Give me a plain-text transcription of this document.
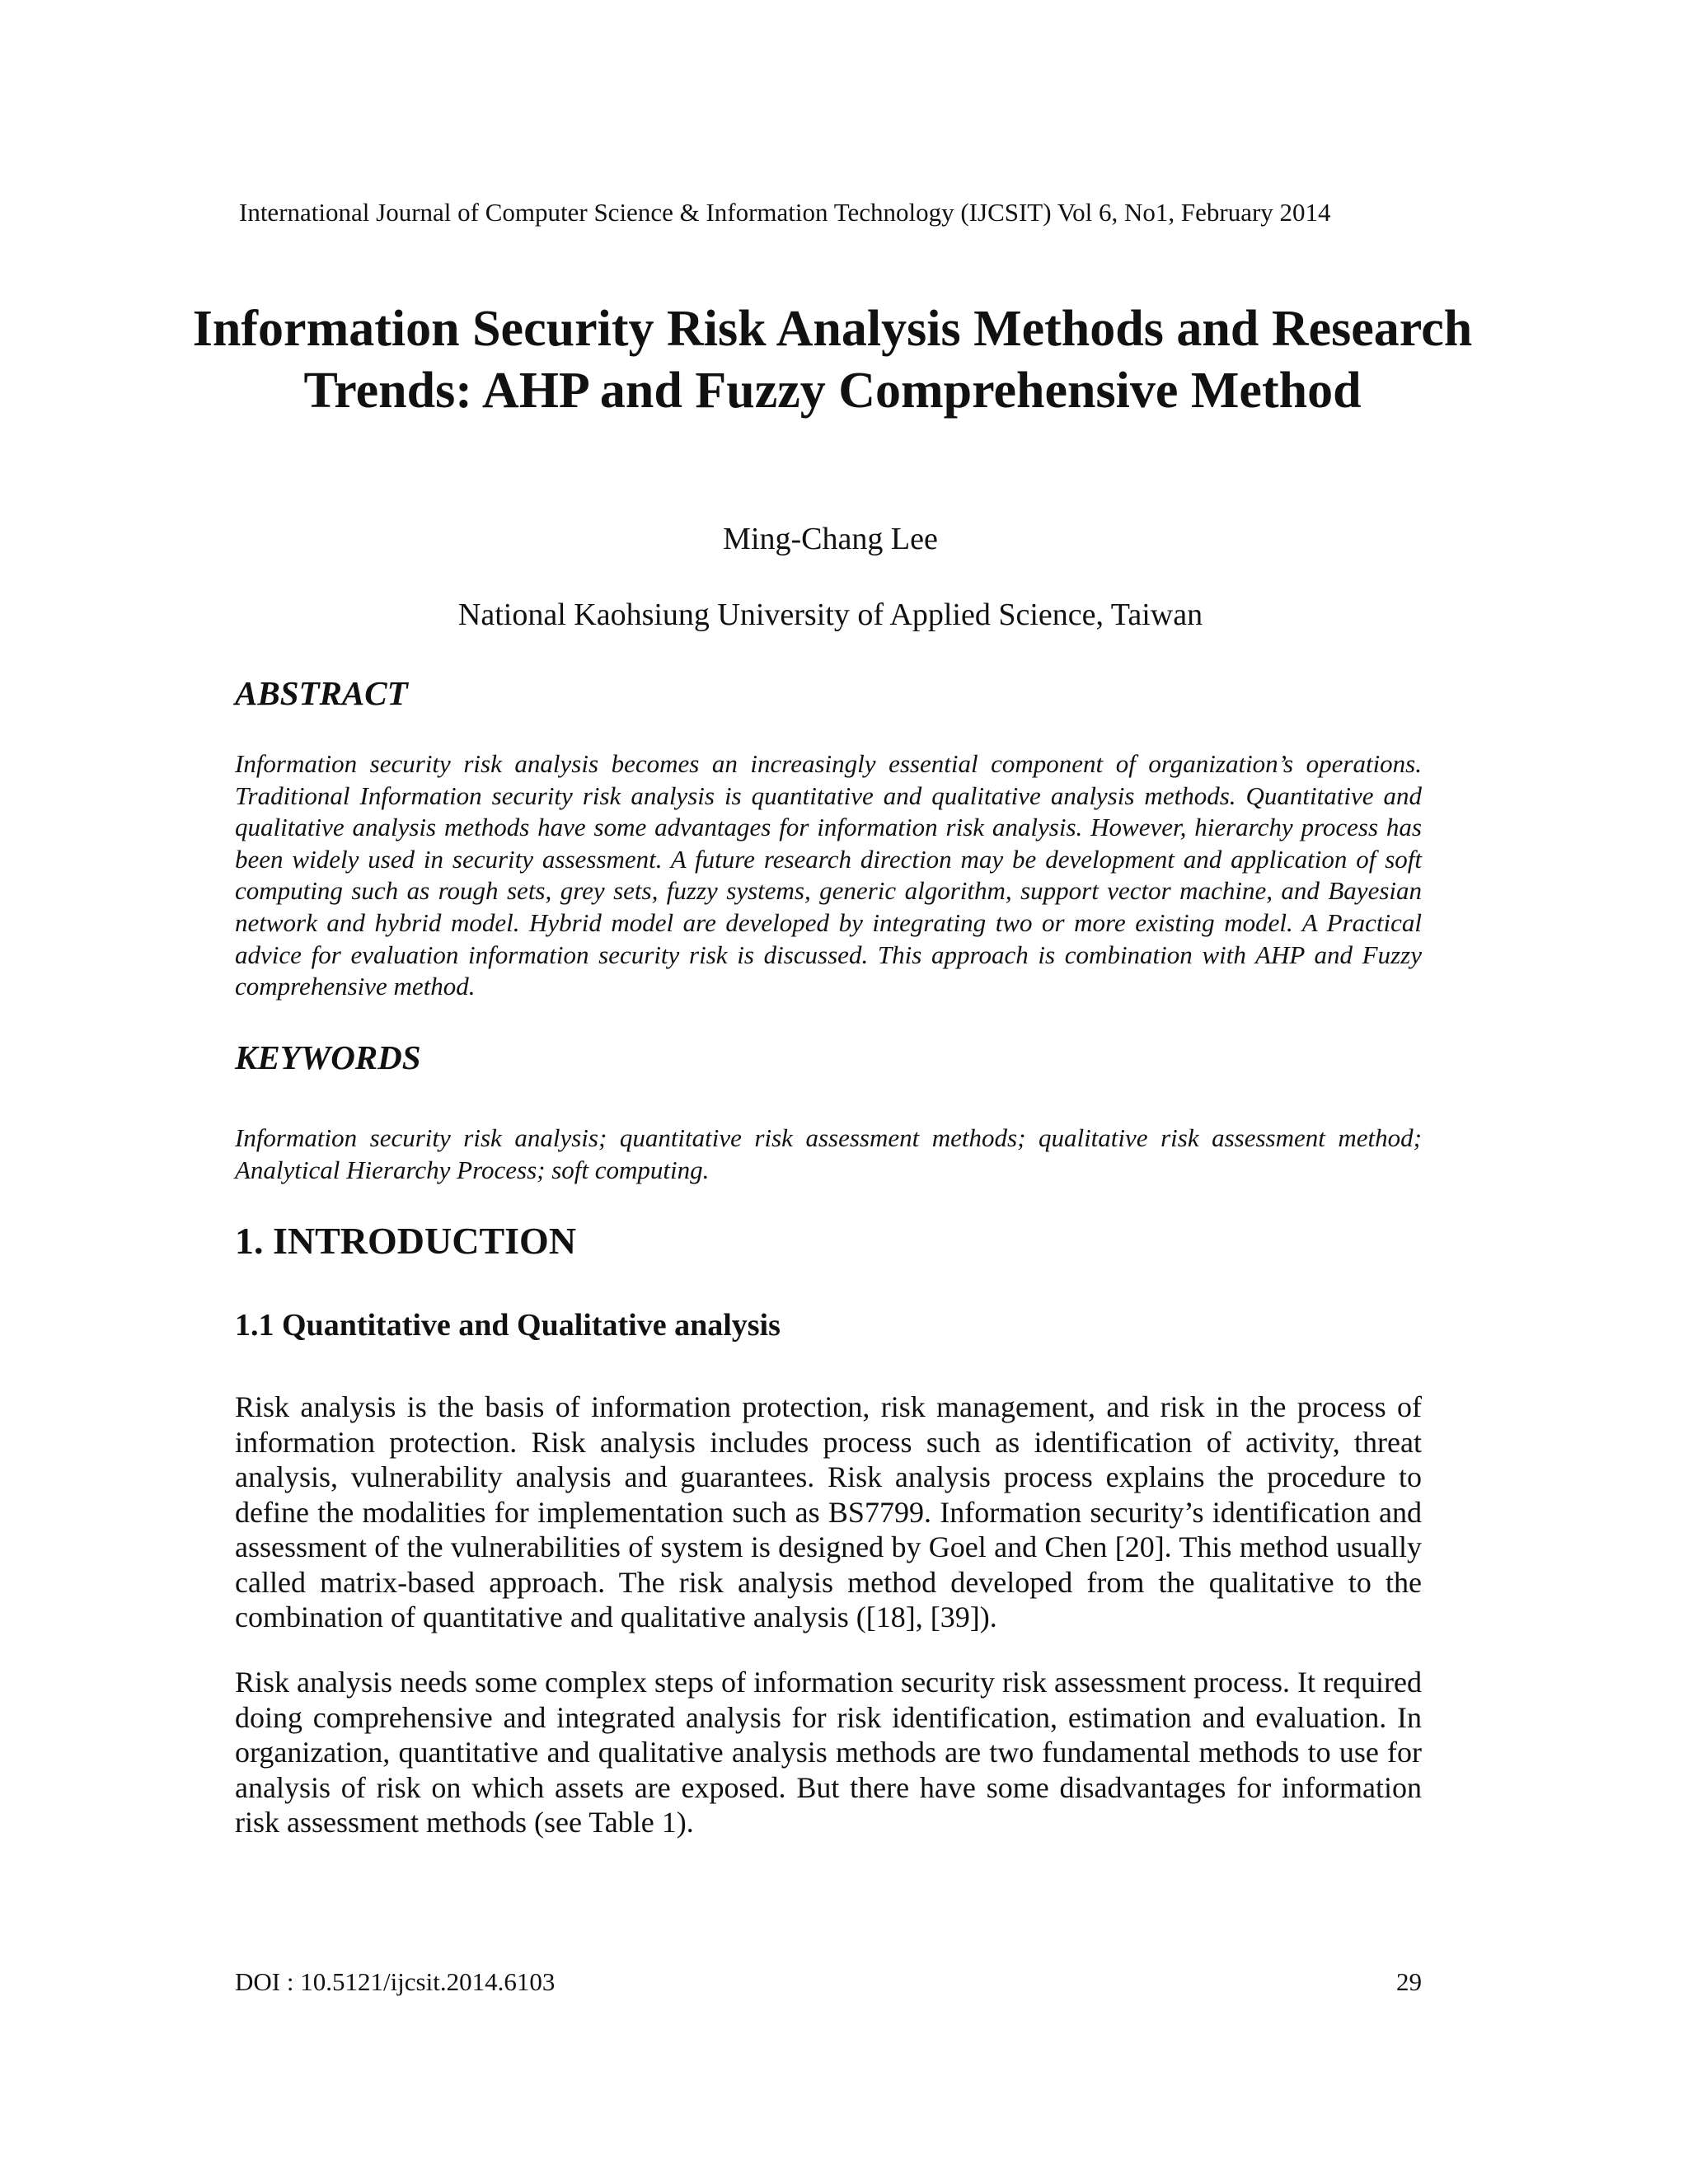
International Journal of Computer Science & Information Technology (IJCSIT) Vol 6, No1, February 2014
Information Security Risk Analysis Methods and Research Trends: AHP and Fuzzy Comprehensive Method
Ming-Chang Lee
National Kaohsiung University of Applied Science, Taiwan
ABSTRACT

Information security risk analysis becomes an increasingly essential component of organization’s operations. Traditional Information security risk analysis is quantitative and qualitative analysis methods. Quantitative and qualitative analysis methods have some advantages for information risk analysis. However, hierarchy process has been widely used in security assessment. A future research direction may be development and application of soft computing such as rough sets, grey sets, fuzzy systems, generic algorithm, support vector machine, and Bayesian network and hybrid model. Hybrid model are developed by integrating two or more existing model. A Practical advice for evaluation information security risk is discussed. This approach is combination with AHP and Fuzzy comprehensive method.

KEYWORDS

Information security risk analysis; quantitative risk assessment methods; qualitative risk assessment method; Analytical Hierarchy Process; soft computing.

1. INTRODUCTION
1.1 Quantitative and Qualitative analysis

Risk analysis is the basis of information protection, risk management, and risk in the process of information protection. Risk analysis includes process such as identification of activity, threat analysis, vulnerability analysis and guarantees. Risk analysis process explains the procedure to define the modalities for implementation such as BS7799. Information security’s identification and assessment of the vulnerabilities of system is designed by Goel and Chen [20]. This method usually called matrix-based approach. The risk analysis method developed from the qualitative to the combination of quantitative and qualitative analysis ([18], [39]).

Risk analysis needs some complex steps of information security risk assessment process. It required doing comprehensive and integrated analysis for risk identification, estimation and evaluation. In organization, quantitative and qualitative analysis methods are two fundamental methods to use for analysis of risk on which assets are exposed. But there have some disadvantages for information risk assessment methods (see Table 1).

DOI : 10.5121/ijcsit.2014.6103	29
